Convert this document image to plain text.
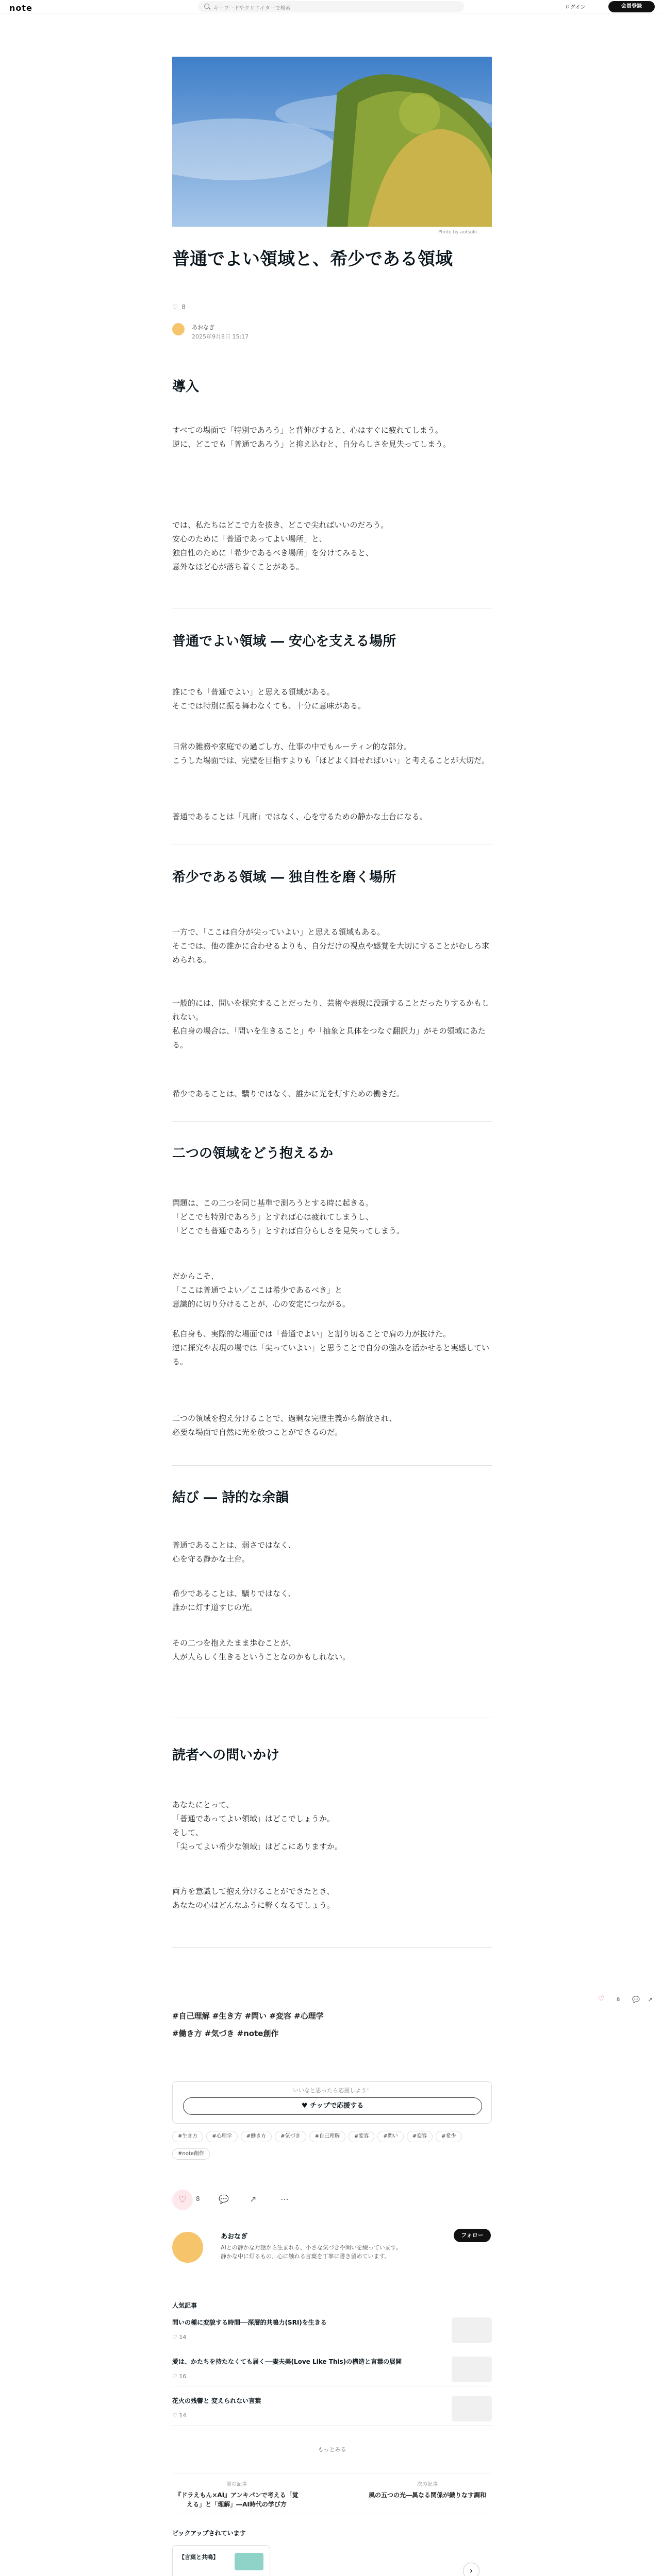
note	キーワードやクリエイターで検索	ログイン	会員登録
Photo by aotsuki
普通でよい領域と、希少である領域
♡ 8
あおなぎ
2025年9月8日 15:17
導入

すべての場面で「特別であろう」と背伸びすると、心はすぐに疲れてしまう。
逆に、どこでも「普通であろう」と抑え込むと、自分らしさを見失ってしまう。

では、私たちはどこで力を抜き、どこで尖ればいいのだろう。
安心のために「普通であってよい場所」と、
独自性のために「希少であるべき場所」を分けてみると、
意外なほど心が落ち着くことがある。

普通でよい領域 ― 安心を支える場所

誰にでも「普通でよい」と思える領域がある。
そこでは特別に振る舞わなくても、十分に意味がある。

日常の雑務や家庭での過ごし方、仕事の中でもルーティン的な部分。
こうした場面では、完璧を目指すよりも「ほどよく回せればいい」と考えることが大切だ。

普通であることは「凡庸」ではなく、心を守るための静かな土台になる。

希少である領域 ― 独自性を磨く場所

一方で、「ここは自分が尖っていよい」と思える領域もある。
そこでは、他の誰かに合わせるよりも、自分だけの視点や感覚を大切にすることがむしろ求められる。

一般的には、問いを探究することだったり、芸術や表現に没頭することだったりするかもしれない。
私自身の場合は、「問いを生きること」や「抽象と具体をつなぐ翻訳力」がその領域にあたる。

希少であることは、驕りではなく、誰かに光を灯すための働きだ。

二つの領域をどう抱えるか

問題は、この二つを同じ基準で測ろうとする時に起きる。
「どこでも特別であろう」とすれば心は疲れてしまうし、
「どこでも普通であろう」とすれば自分らしさを見失ってしまう。

だからこそ、
「ここは普通でよい／ここは希少であるべき」と
意識的に切り分けることが、心の安定につながる。

私自身も、実際的な場面では「普通でよい」と割り切ることで肩の力が抜けた。
逆に探究や表現の場では「尖っていよい」と思うことで自分の強みを活かせると実感している。

二つの領域を抱え分けることで、過剰な完璧主義から解放され、
必要な場面で自然に光を放つことができるのだ。

結び ― 詩的な余韻

普通であることは、弱さではなく、
心を守る静かな土台。

希少であることは、驕りではなく、
誰かに灯す道すじの光。

その二つを抱えたまま歩むことが、
人が人らしく生きるということなのかもしれない。

読者への問いかけ

あなたにとって、
「普通であってよい領域」はどこでしょうか。
そして、
「尖ってよい希少な領域」はどこにありますか。

両方を意識して抱え分けることができたとき、
あなたの心はどんなふうに軽くなるでしょう。

#自己理解 #生き方 #問い #変容 #心理学
#働き方 #気づき #note創作
いいなと思ったら応援しよう！
♥ チップで応援する
#生き方	#心理学	#働き方	#気づき	#自己理解	#変容	#問い	#変容	#希少#note創作
♡	8 💬	↗	⋯
あおなぎ	フォロー
AIとの静かな対話から生まれる、小さな気づきや問いを綴っています。
静かな中に灯るもの、心に触れる言葉を丁寧に書き留めています。
人気記事
問いの種に変貌する時間──深層的共鳴力(SRI)を生きる
♡ 14
愛は、かたちを持たなくても届く──妻夫美(Love Like This)の構造と言葉の展開
♡ 16
花火の残響と 変えられない言葉
♡ 14
もっとみる
前の記事
『ドラえもん×AI』アンキパンで考える「覚える」と「理解」―AI時代の学び方
次の記事
風の五つの光―異なる関係が織りなす調和
ピックアップされています
【言葉と共鳴】
›
♡ 8 💬 ↗
